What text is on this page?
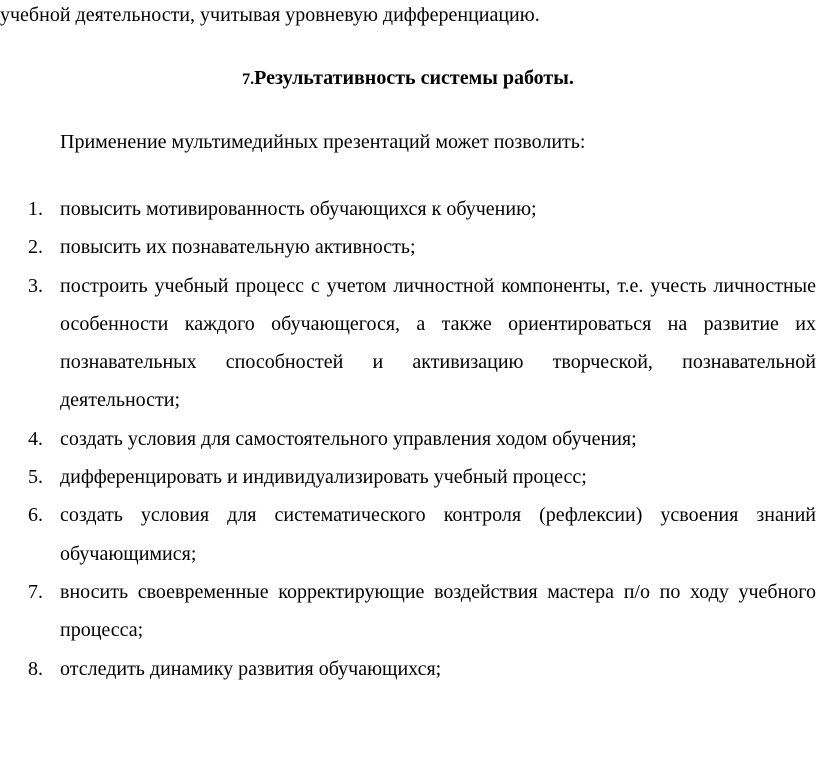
учебной деятельности, учитывая уровневую дифференциацию.
7.Результативность системы работы.
Применение мультимедийных презентаций может позволить:
1. повысить мотивированность обучающихся к обучению;
2. повысить их познавательную активность;
3. построить учебный процесс с учетом личностной компоненты, т.е. учесть личностные особенности каждого обучающегося, а также ориентироваться на развитие их познавательных способностей и активизацию творческой, познавательной деятельности;
4. создать условия для самостоятельного управления ходом обучения;
5. дифференцировать и индивидуализировать учебный процесс;
6. создать условия для систематического контроля (рефлексии) усвоения знаний обучающимися;
7. вносить своевременные корректирующие воздействия мастера п/о по ходу учебного процесса;
8. отследить динамику развития обучающихся;
